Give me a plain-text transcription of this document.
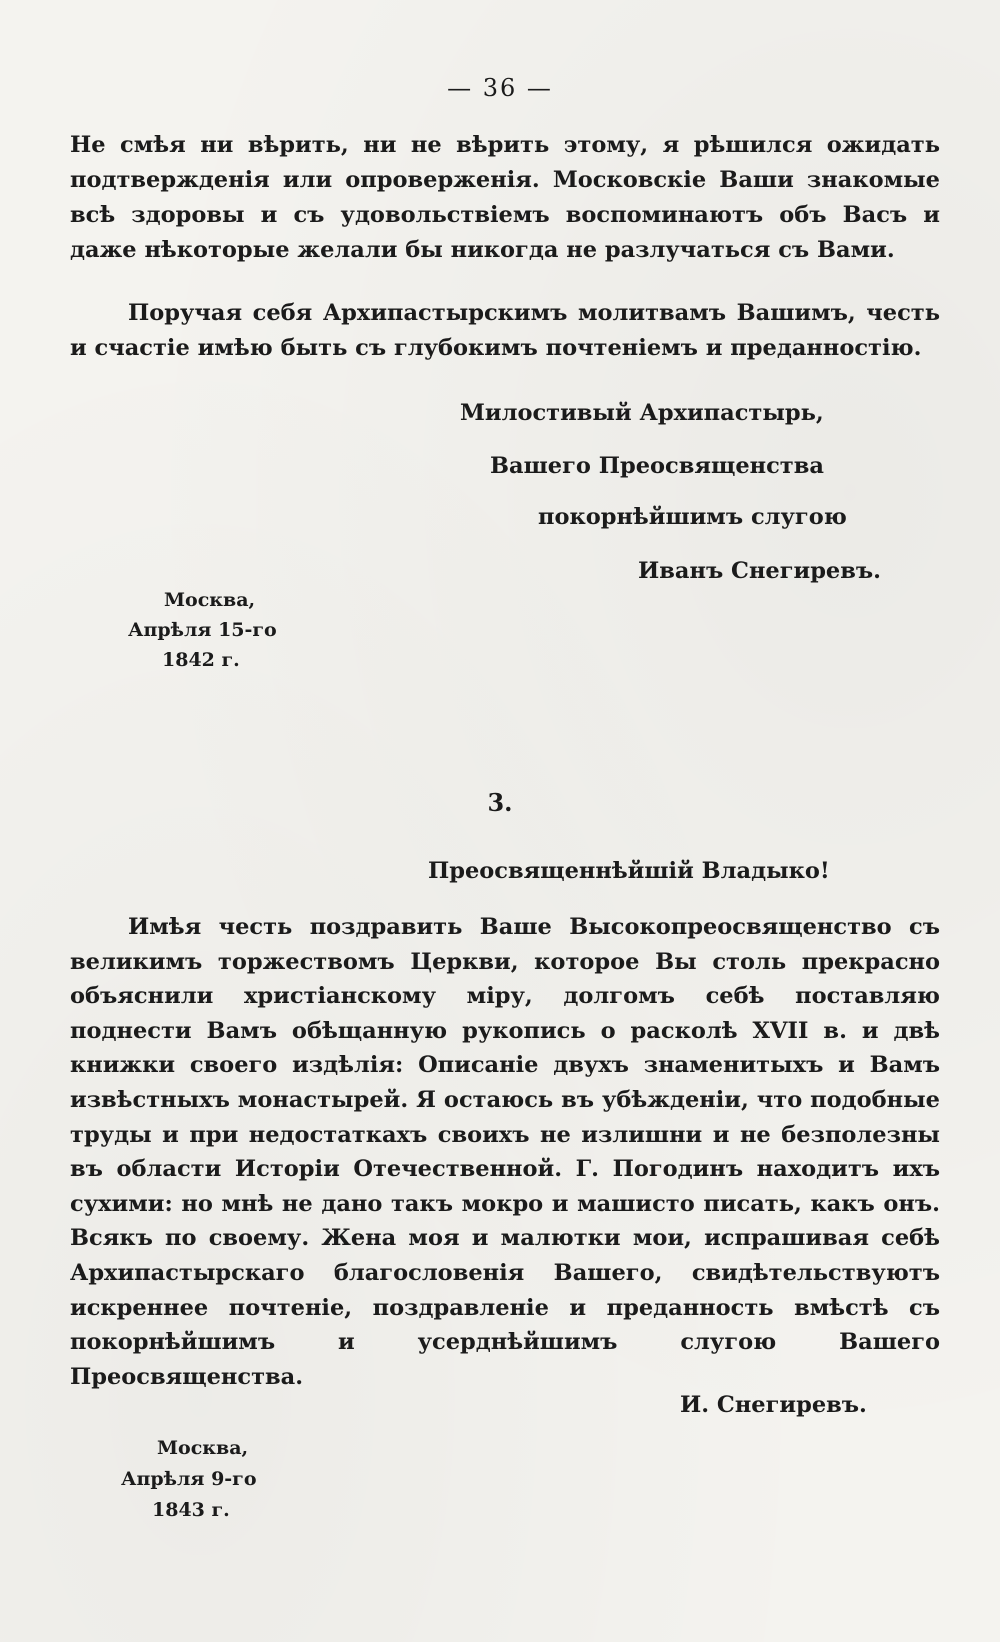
— 36 —

Не смѣя ни вѣрить, ни не вѣрить этому, я рѣшился ожидать подтвержденія или опроверженія. Московскіе Ваши знакомые всѣ здоровы и съ удовольствіемъ воспоминаютъ объ Васъ и даже нѣкоторые желали бы никогда не разлучаться съ Вами.

Поручая себя Архипастырскимъ молитвамъ Вашимъ, честь и счастіе имѣю быть съ глубокимъ почтеніемъ и преданностію.

Милостивый Архипастырь,
Вашего Преосвященства
покорнѣйшимъ слугою
Иванъ Снегиревъ.
Москва,
Апрѣля 15-го
1842 г.
3.
Преосвященнѣйшій Владыко!

Имѣя честь поздравить Ваше Высокопреосвященство съ великимъ торжествомъ Церкви, которое Вы столь прекрасно объяснили христіанскому міру, долгомъ себѣ поставляю поднести Вамъ обѣщанную рукопись о расколѣ XVII в. и двѣ книжки своего издѣлія: Описаніе двухъ знаменитыхъ и Вамъ извѣстныхъ монастырей. Я остаюсь въ убѣжденіи, что подобные труды и при недостаткахъ своихъ не излишни и не безполезны въ области Исторіи Отечественной. Г. Погодинъ находитъ ихъ сухими: но мнѣ не дано такъ мокро и машисто писать, какъ онъ. Всякъ по своему. Жена моя и малютки мои, испрашивая себѣ Архипастырскаго благословенія Вашего, свидѣтельствуютъ искреннее почтеніе, поздравленіе и преданность вмѣстѣ съ покорнѣйшимъ и усерднѣйшимъ слугою Вашего Преосвященства.

И. Снегиревъ.
Москва,
Апрѣля 9-го
1843 г.
